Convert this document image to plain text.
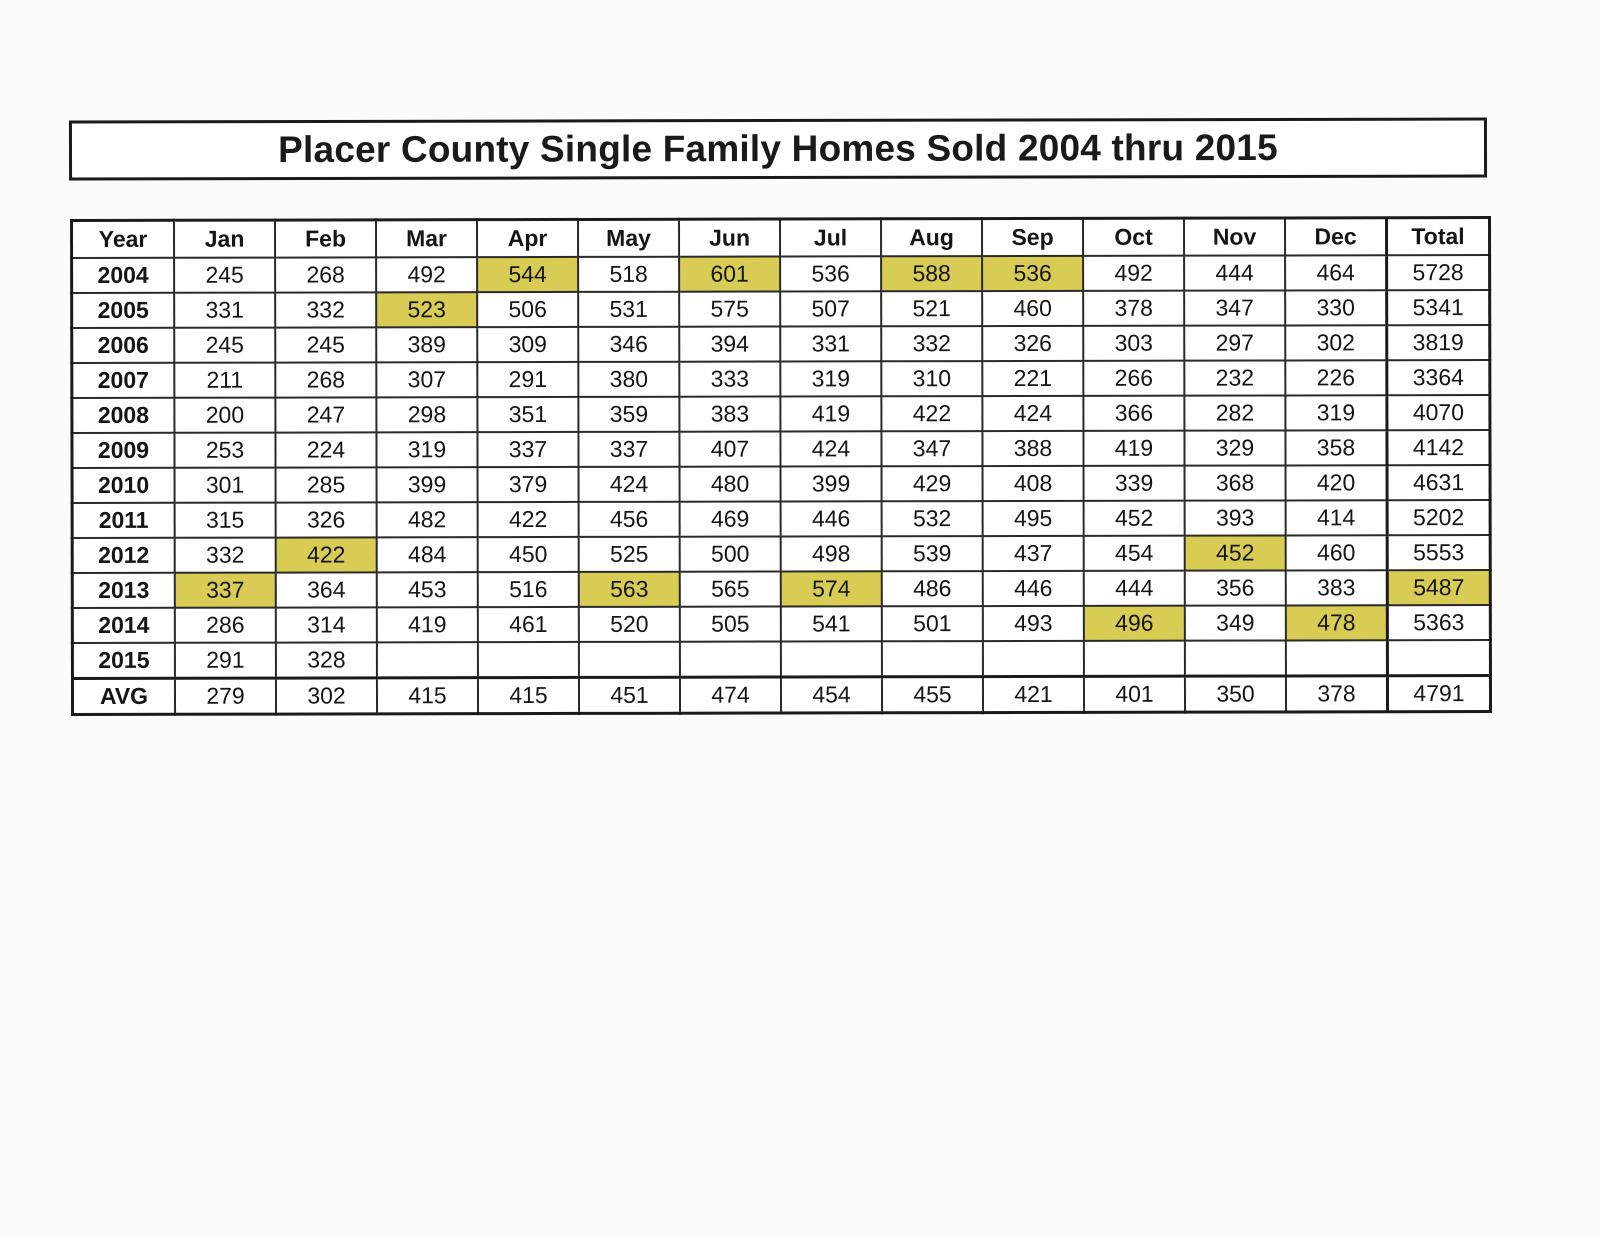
Placer County Single Family Homes Sold 2004 thru 2015
Year	Jan	Feb	Mar	Apr	May	Jun	Jul	Aug	Sep	Oct	Nov	Dec	Total
2004	245	268	492	544	518	601	536	588	536	492	444	464	5728
2005	331	332	523	506	531	575	507	521	460	378	347	330	5341
2006	245	245	389	309	346	394	331	332	326	303	297	302	3819
2007	211	268	307	291	380	333	319	310	221	266	232	226	3364
2008	200	247	298	351	359	383	419	422	424	366	282	319	4070
2009	253	224	319	337	337	407	424	347	388	419	329	358	4142
2010	301	285	399	379	424	480	399	429	408	339	368	420	4631
2011	315	326	482	422	456	469	446	532	495	452	393	414	5202
2012	332	422	484	450	525	500	498	539	437	454	452	460	5553
2013	337	364	453	516	563	565	574	486	446	444	356	383	5487
2014	286	314	419	461	520	505	541	501	493	496	349	478	5363
2015	291	328											
AVG	279	302	415	415	451	474	454	455	421	401	350	378	4791
